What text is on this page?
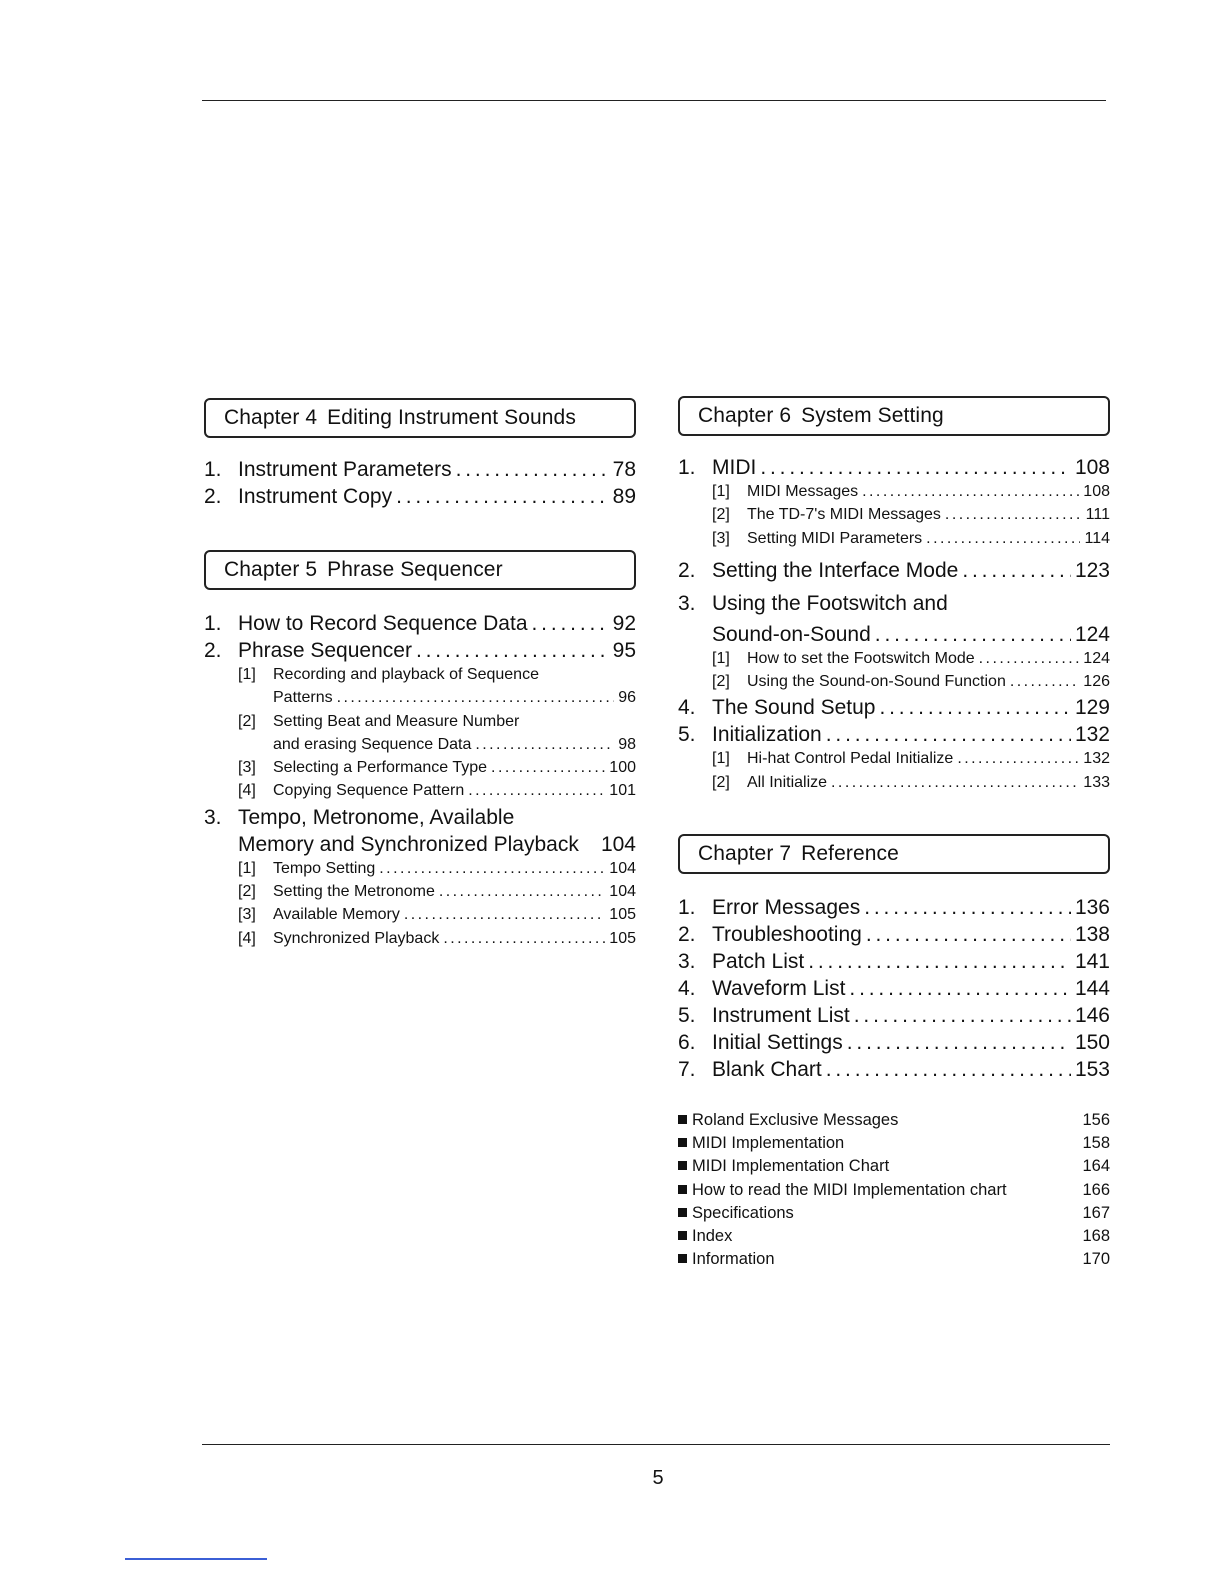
Chapter 4 Editing Instrument Sounds
1. Instrument Parameters . . .	78
2. Instrument Copy . . .	89
Chapter 5 Phrase Sequencer
1. How to Record Sequence Data . . .	92
2. Phrase Sequencer . . .	95
[1]	Recording and playback of Sequence
Patterns . . .	96
[2]	Setting Beat and Measure Number
and erasing Sequence Data . . .	98
[3]	Selecting a Performance Type . . .	100
[4]	Copying Sequence Pattern . . .	101
3. Tempo, Metronome, Available
Memory and Synchronized Playback 104
[1]	Tempo Setting . . .	104
[2]	Setting the Metronome . . .	104
[3]	Available Memory . . .	105
[4]	Synchronized Playback . . .	105
Chapter 6 System Setting
1. MIDI . . .	108
[1]	MIDI Messages . . .	108
[2]	The TD-7's MIDI Messages . . .	111
[3]	Setting MIDI Parameters . . .	114
2. Setting the Interface Mode . . .	123
3. Using the Footswitch and
Sound-on-Sound . . .	124
[1]	How to set the Footswitch Mode . . .	124
[2]	Using the Sound-on-Sound Function . . .	126
4. The Sound Setup . . .	129
5. Initialization . . .	132
[1]	Hi-hat Control Pedal Initialize . . .	132
[2]	All Initialize . . .	133
Chapter 7 Reference
1. Error Messages . . .	136
2. Troubleshooting . . .	138
3. Patch List . . .	141
4. Waveform List . . .	144
5. Instrument List . . .	146
6. Initial Settings . . .	150
7. Blank Chart . . .	153
Roland Exclusive Messages	156
MIDI Implementation	158
MIDI Implementation Chart	164
How to read the MIDI Implementation chart	166
Specifications	167
Index	168
Information	170
5
